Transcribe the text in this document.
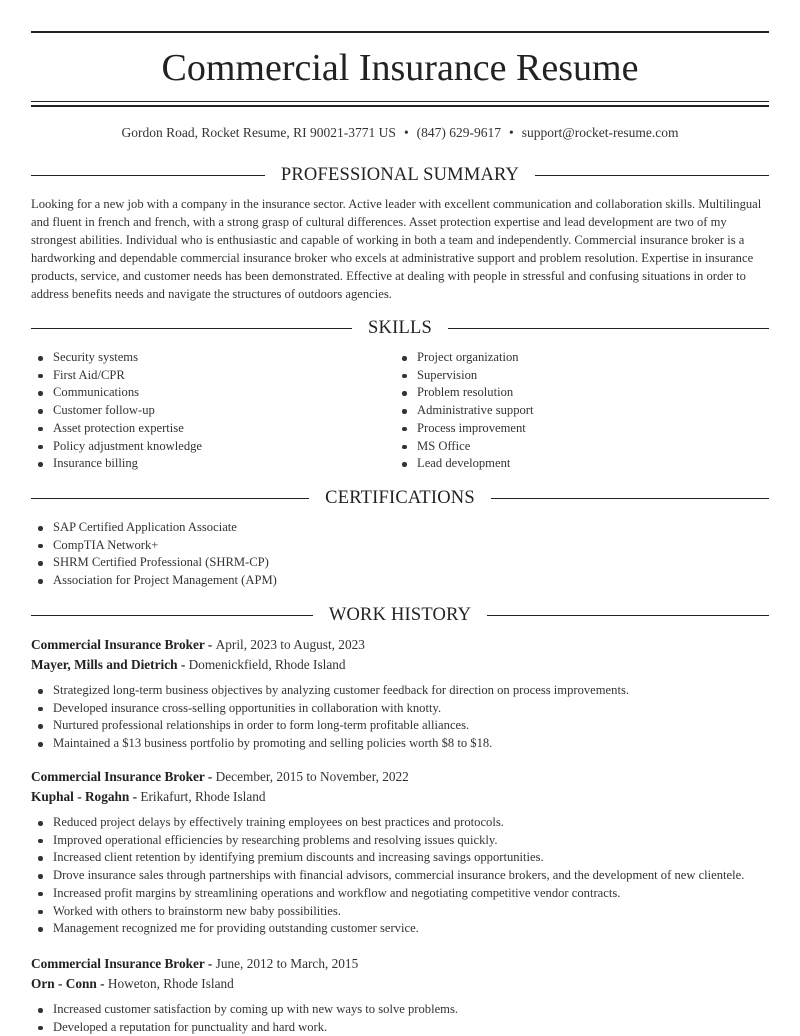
Commercial Insurance Resume
Gordon Road, Rocket Resume, RI 90021-3771 US • (847) 629-9617 • support@rocket-resume.com
PROFESSIONAL SUMMARY

Looking for a new job with a company in the insurance sector. Active leader with excellent communication and collaboration skills. Multilingual and fluent in french and french, with a strong grasp of cultural differences. Asset protection expertise and lead development are two of my strongest abilities. Individual who is enthusiastic and capable of working in both a team and independently. Commercial insurance broker is a hardworking and dependable commercial insurance broker who excels at administrative support and problem resolution. Expertise in insurance products, service, and customer needs has been demonstrated. Effective at dealing with people in stressful and confusing situations in order to address benefits needs and navigate the structures of outdoors agencies.

SKILLS
Security systems
First Aid/CPR
Communications
Customer follow-up
Asset protection expertise
Policy adjustment knowledge
Insurance billing
Project organization
Supervision
Problem resolution
Administrative support
Process improvement
MS Office
Lead development
CERTIFICATIONS
SAP Certified Application Associate
CompTIA Network+
SHRM Certified Professional (SHRM-CP)
Association for Project Management (APM)
WORK HISTORY
Commercial Insurance Broker - April, 2023 to August, 2023
Mayer, Mills and Dietrich - Domenickfield, Rhode Island
Strategized long-term business objectives by analyzing customer feedback for direction on process improvements.
Developed insurance cross-selling opportunities in collaboration with knotty.
Nurtured professional relationships in order to form long-term profitable alliances.
Maintained a $13 business portfolio by promoting and selling policies worth $8 to $18.
Commercial Insurance Broker - December, 2015 to November, 2022
Kuphal - Rogahn - Erikafurt, Rhode Island
Reduced project delays by effectively training employees on best practices and protocols.
Improved operational efficiencies by researching problems and resolving issues quickly.
Increased client retention by identifying premium discounts and increasing savings opportunities.
Drove insurance sales through partnerships with financial advisors, commercial insurance brokers, and the development of new clientele.
Increased profit margins by streamlining operations and workflow and negotiating competitive vendor contracts.
Worked with others to brainstorm new baby possibilities.
Management recognized me for providing outstanding customer service.
Commercial Insurance Broker - June, 2012 to March, 2015
Orn - Conn - Howeton, Rhode Island
Increased customer satisfaction by coming up with new ways to solve problems.
Developed a reputation for punctuality and hard work.
